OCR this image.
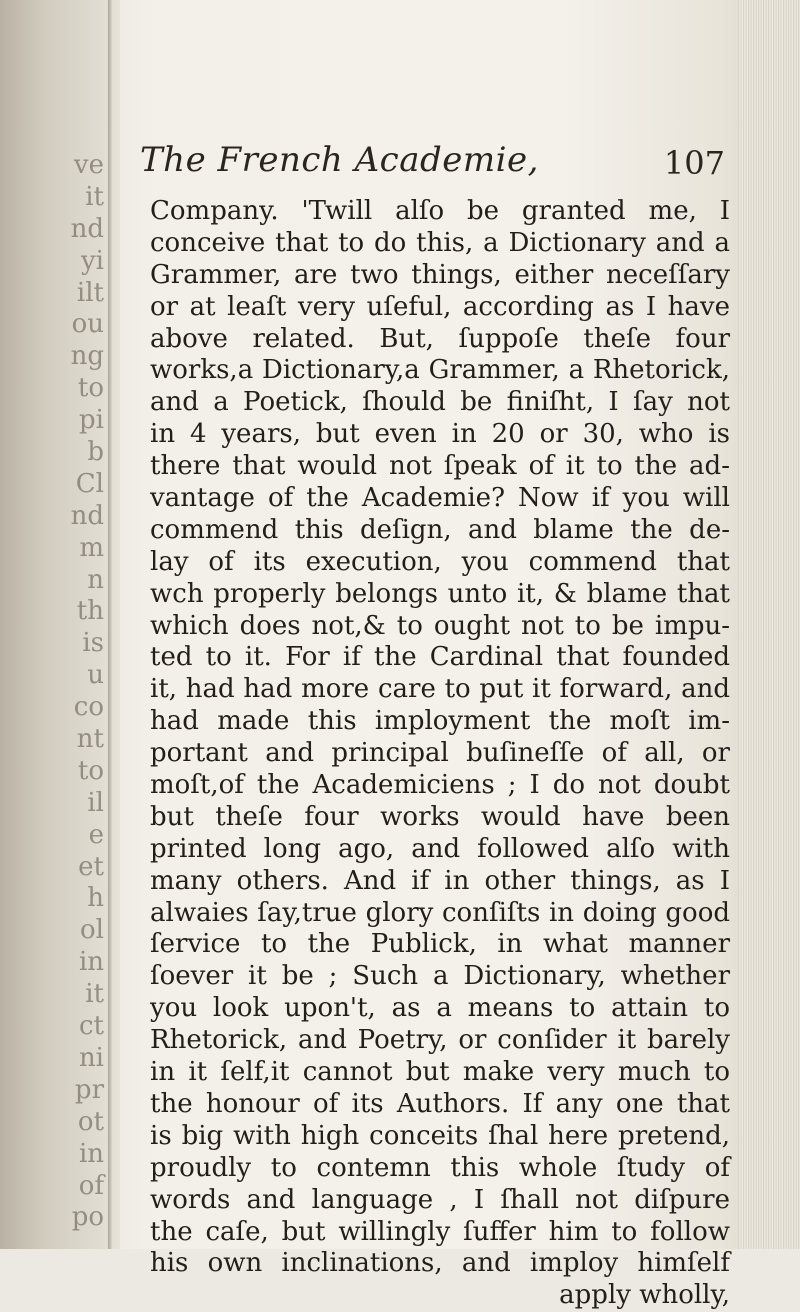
ve
it
nd
yi
ilt
ou
ng
to
pi
b
Cl
nd
m
n
th
is
u
co
nt
to
il
e
et
h
ol
in
it
ct
ni
pr
ot
in
of
po
The French Academie,	107
Company. 'Twill alſo be granted me, I
conceive that to do this, a Dictionary and a
Grammer, are two things, either neceſſary
or at leaſt very uſeful, according as I have
above related. But, ſuppoſe theſe four
works,a Dictionary,a Grammer, a Rhetorick,
and a Poetick, ſhould be finiſht, I ſay not
in 4 years, but even in 20 or 30, who is
there that would not ſpeak of it to the ad-
vantage of the Academie? Now if you will
commend this deſign, and blame the de-
lay of its execution, you commend that
wch properly belongs unto it, & blame that
which does not,& to ought not to be impu-
ted to it. For if the Cardinal that founded
it, had had more care to put it forward, and
had made this imployment the moſt im-
portant and principal buſineſſe of all, or
moſt,of the Academiciens ; I do not doubt
but theſe four works would have been
printed long ago, and followed alſo with
many others. And if in other things, as I
alwaies ſay,true glory conſiſts in doing good
ſervice to the Publick, in what manner
ſoever it be ; Such a Dictionary, whether
you look upon't, as a means to attain to
Rhetorick, and Poetry, or conſider it barely
in it ſelf,it cannot but make very much to
the honour of its Authors. If any one that
is big with high conceits ſhal here pretend,
proudly to contemn this whole ſtudy of
words and language , I ſhall not diſpure
the caſe, but willingly ſuffer him to follow
his own inclinations, and imploy himſelf
apply wholly,
